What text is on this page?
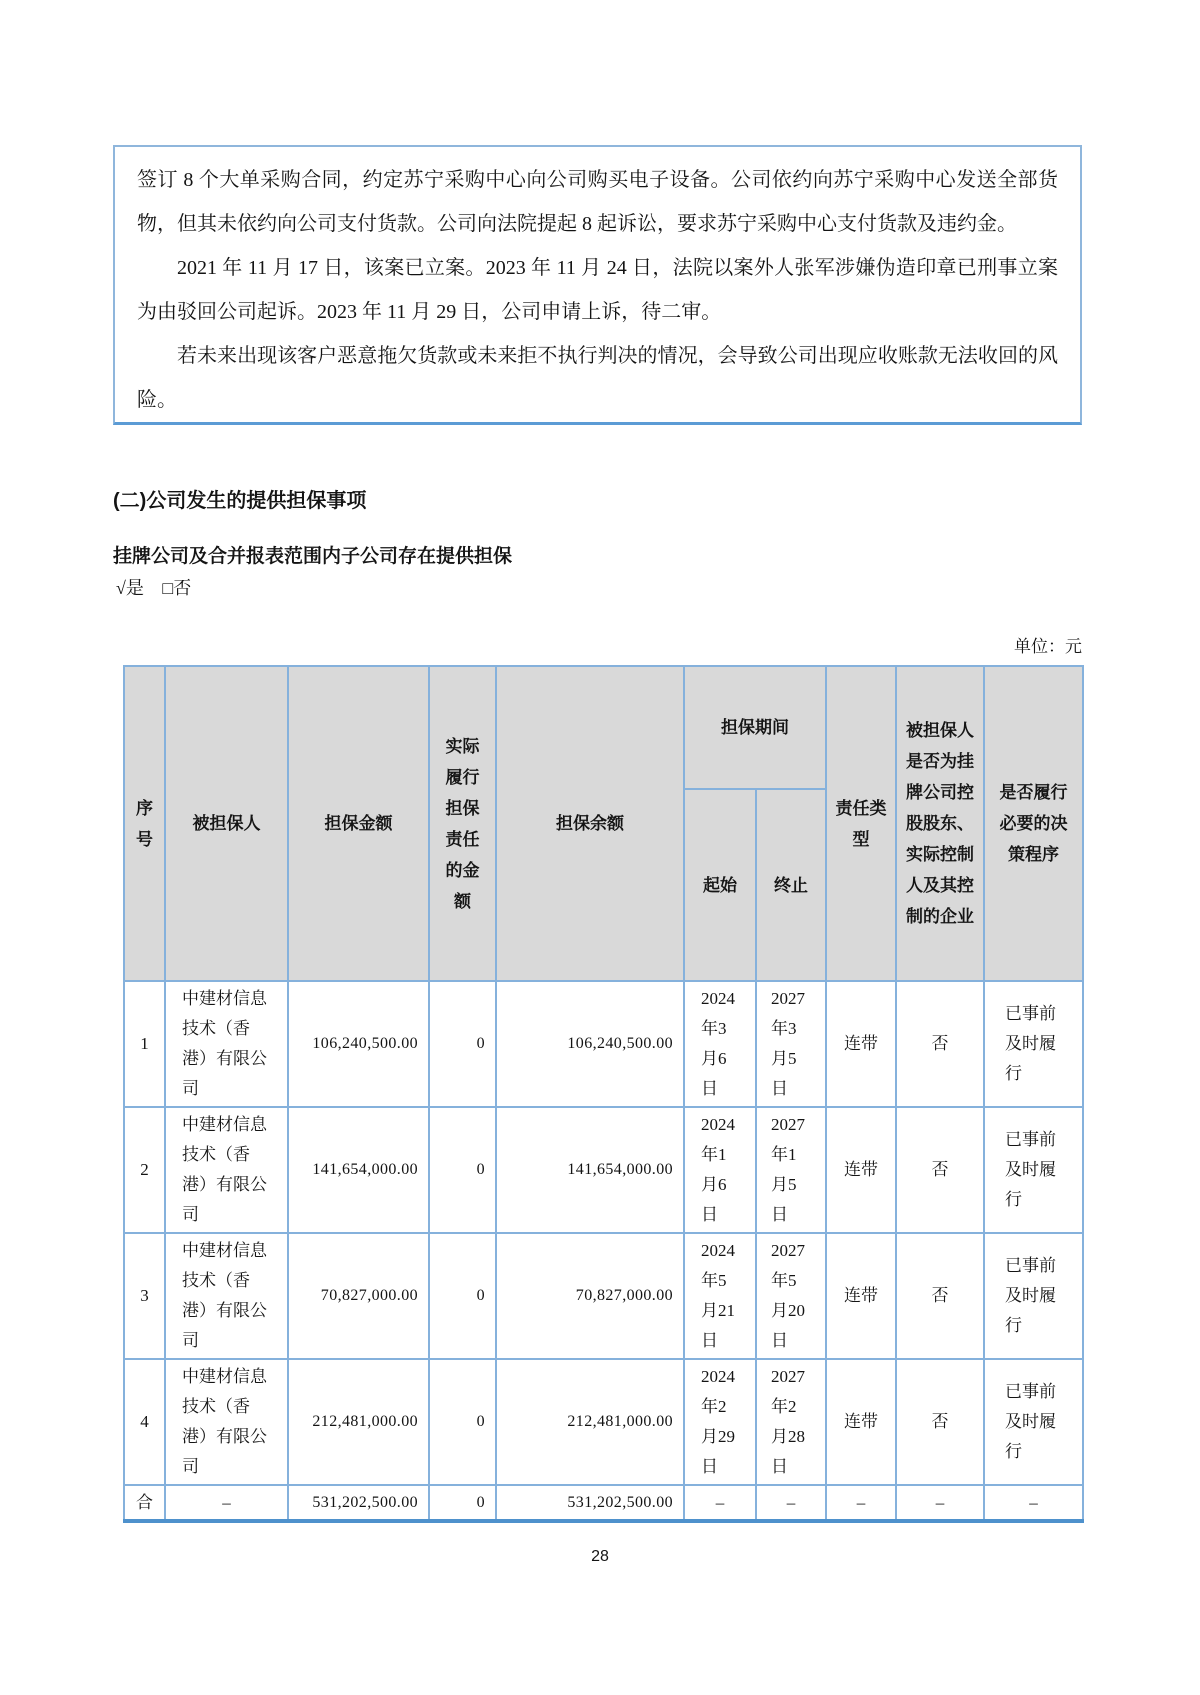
签订 8 个大单采购合同，约定苏宁采购中心向公司购买电子设备。公司依约向苏宁采购中心发送全部货物，但其未依约向公司支付货款。公司向法院提起 8 起诉讼，要求苏宁采购中心支付货款及违约金。

2021 年 11 月 17 日，该案已立案。2023 年 11 月 24 日，法院以案外人张军涉嫌伪造印章已刑事立案为由驳回公司起诉。2023 年 11 月 29 日，公司申请上诉，待二审。

若未来出现该客户恶意拖欠货款或未来拒不执行判决的情况，会导致公司出现应收账款无法收回的风险。

(二)公司发生的提供担保事项
挂牌公司及合并报表范围内子公司存在提供担保
√是 □否
单位：元
序号	被担保人	担保金额	实际履行担保责任的金额	担保余额	担保期间		责任类型	被担保人是否为挂牌公司控股股东、实际控制人及其控制的企业	是否履行必要的决策程序
					起始	终止			
1	中建材信息技术（香港）有限公司	106,240,500.00	0	106,240,500.00	2024年3月6日	2027年3月5日	连带	否	已事前及时履行
2	中建材信息技术（香港）有限公司	141,654,000.00	0	141,654,000.00	2024年1月6日	2027年1月5日	连带	否	已事前及时履行
3	中建材信息技术（香港）有限公司	70,827,000.00	0	70,827,000.00	2024年5月21日	2027年5月20日	连带	否	已事前及时履行
4	中建材信息技术（香港）有限公司	212,481,000.00	0	212,481,000.00	2024年2月29日	2027年2月28日	连带	否	已事前及时履行
合	–	531,202,500.00	0	531,202,500.00	–	–	–	–	–
28
